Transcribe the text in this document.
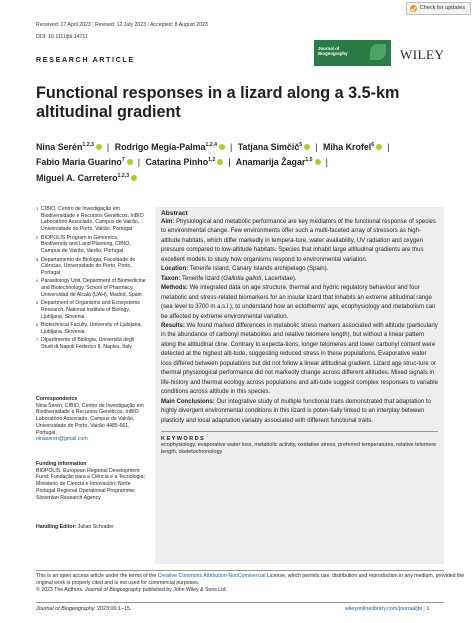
Check for updates
Received: 17 April 2023 | Revised: 12 July 2023 | Accepted: 8 August 2023
DOI: 10.1111/jbi.14711
RESEARCH ARTICLE
Journal of
Biogeography	WILEY
Functional responses in a lizard along a 3.5-km altitudinal gradient
Nina Serén$^{1,2,3}$ | Rodrigo Megía-Palma$^{1,2,4}$ | Tatjana Simčič$^5$ | Miha Krofel$^6$ |
Fabio Maria Guarino$^7$ | Catarina Pinho$^{1,2}$ | Anamarija Žagar$^{1,5}$ |
Miguel A. Carretero$^{1,2,3}$
1 CIBIO, Centro de Investigação em Biodiversidade e Recursos Genéticos, InBIO Laboratório Associado, Campus de Vairão, Universidade do Porto, Vairão, Portugal
2 BIOPOLIS Program in Genomics, Biodiversity and Land Planning, CIBIO, Campus de Vairão, Vairão, Portugal
3 Departamento de Biologia, Faculdade de Ciências, Universidade do Porto, Porto, Portugal
4 Parasitology Unit, Department of Biomedicine and Biotechnology. School of Pharmacy, Universidad de Alcalá (UAH), Madrid, Spain
5 Department of Organisms and Ecosystems Research, National Institute of Biology, Ljubljana, Slovenia
6 Biotechnical Faculty, University of Ljubljana, Ljubljana, Slovenia
7 Dipartimento di Biologia, Università degli Studi di Napoli Federico II, Naples, Italy
Correspondence
Nina Serén, CIBIO, Centro de Investigação em Biodiversidade e Recursos Genéticos, InBIO Laboratório Associado, Campus de Vairão, Universidade do Porto, Vairão 4485-661, Portugal.
ninaseren@gmail.com
Funding information
BIOPOLIS: European Regional Development Fund; Fundação para a Ciência e a Tecnologia; Ministerio de Ciencia e Innovación; Norte Portugal Regional Operational Programme; Slovenian Research Agency
Handling Editor: Julian Schrader
Abstract
Aim: Physiological and metabolic performance are key mediators of the functional response of species to environmental change. Few environments offer such a multi-faceted array of stressors as high-altitude habitats, which differ markedly in tempera-ture, water availability, UV radiation and oxygen pressure compared to low-altitude habitats. Species that inhabit large altitudinal gradients are thus excellent models to study how organisms respond to environmental variation.
Location: Tenerife island, Canary Islands archipelago (Spain).
Taxon: Tenerife lizard (Gallotia galloti, Lacertidae).
Methods: We integrated data on age structure, thermal and hydric regulatory behaviour and four metabolic and stress-related biomarkers for an insular lizard that inhabits an extreme altitudinal range (sea level to 3700 m a.s.l.), to understand how an ectotherms' age, ecophysiology and metabolism can be affected by extreme environmental variation.
Results: We found marked differences in metabolic stress markers associated with altitude (particularly in the abundance of carbonyl metabolites and relative telomere length), but without a linear pattern along the altitudinal cline. Contrary to expecta-tions, longer telomeres and lower carbonyl content were detected at the highest alti-tude, suggesting reduced stress in these populations. Evaporative water loss differed between populations but did not follow a linear altitudinal gradient. Lizard age struc-ture or thermal physiological performance did not markedly change across different altitudes. Mixed signals in life-history and thermal ecology across populations and alti-tude suggest complex responses to variable conditions across altitude in this species.
Main Conclusions: Our integrative study of multiple functional traits demonstrated that adaptation to highly divergent environmental conditions in this lizard is poten-tially linked to an interplay between plasticity and local adaptation variably associated with different functional traits.
KEYWORDS
ecophysiology, evaporative water loss, metabolic activity, oxidative stress, preferred temperatures, relative telomere length, skeletochronology
This is an open access article under the terms of the Creative Commons Attribution-NonCommercial License, which permits use, distribution and reproduction in any medium, provided the original work is properly cited and is not used for commercial purposes.
© 2023 The Authors. Journal of Biogeography published by John Wiley & Sons Ltd.
Journal of Biogeography. 2023;00:1–15.	wileyonlinelibrary.com/journal/jbi | 1
